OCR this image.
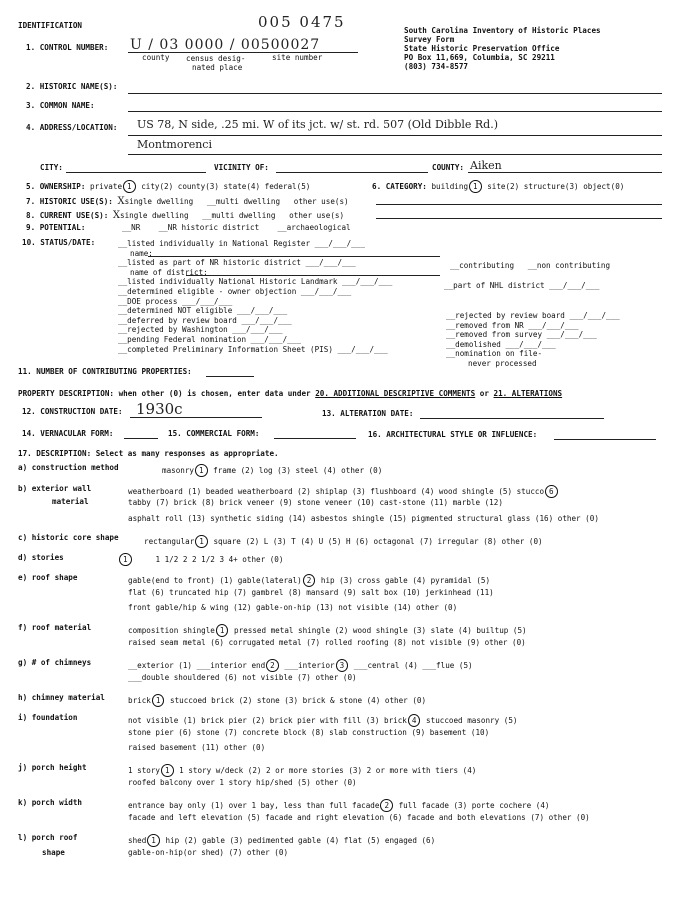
IDENTIFICATION	005 0475	South Carolina Inventory of Historic Places
Survey Form
State Historic Preservation Office
PO Box 11,669, Columbia, SC 29211
(803) 734-8577
1. CONTROL NUMBER: U / 03 0000 / 00500027
county census desig-
nated place
site number
2. HISTORIC NAME(S):
3. COMMON NAME:
4. ADDRESS/LOCATION: US 78, N side, .25 mi. W of its jct. w/ st. rd. 507 (Old Dibble Rd.)
Montmorenci
CITY:	VICINITY OF:	COUNTY: Aiken
5. OWNERSHIP: private 1 city(2) county(3) state(4) federal(5)	6. CATEGORY: building 1 site(2) structure(3) object(0)
7. HISTORIC USE(S): Xsingle dwelling   __multi dwelling other use(s)
8. CURRENT USE(S): Xsingle dwelling   __multi dwelling other use(s)
9. POTENTIAL:        __NR    __NR historic district    __archaeological
10. STATUS/DATE:	__listed individually in National Register ___/___/___
name:
__listed as part of NR historic district ___/___/___
name of district:
__listed individually National Historic Landmark ___/___/___
__determined eligible - owner objection ___/___/___
__DOE process ___/___/___
__determined NOT eligible ___/___/___
__deferred by review board ___/___/___
__rejected by Washington ___/___/___
__pending Federal nomination ___/___/___
__completed Preliminary Information Sheet (PIS) ___/___/___
__contributing   __non contributing
__part of NHL district ___/___/___
__rejected by review board ___/___/___
__removed from NR ___/___/___
__removed from survey ___/___/___
__demolished ___/___/___
__nomination on file-
never processed
11. NUMBER OF CONTRIBUTING PROPERTIES:
PROPERTY DESCRIPTION: when other (0) is chosen, enter data under 20. ADDITIONAL DESCRIPTIVE COMMENTS or 21. ALTERATIONS
12. CONSTRUCTION DATE: 1930c	13. ALTERATION DATE:
14. VERNACULAR FORM:	15. COMMERCIAL FORM:	16. ARCHITECTURAL STYLE OR INFLUENCE:
17. DESCRIPTION: Select as many responses as appropriate.
a) construction method	masonry 1 frame (2) log (3) steel (4) other (0)
b) exterior wall
material
weatherboard (1) beaded weatherboard (2) shiplap (3) flushboard (4) wood shingle (5) stucco 6
tabby (7) brick (8) brick veneer (9) stone veneer (10) cast-stone (11) marble (12)
asphalt roll (13) synthetic siding (14) asbestos shingle (15) pigmented structural glass (16) other (0)
c) historic core shape	rectangular 1 square (2) L (3) T (4) U (5) H (6) octagonal (7) irregular (8) other (0)
d) stories	1	1 1/2 2 2 1/2 3 4+ other (0)
e) roof shape	gable(end to front) (1) gable(lateral) 2 hip (3) cross gable (4) pyramidal (5)
flat (6) truncated hip (7) gambrel (8) mansard (9) salt box (10) jerkinhead (11)
front gable/hip & wing (12) gable-on-hip (13) not visible (14) other (0)
f) roof material	composition shingle 1 pressed metal shingle (2) wood shingle (3) slate (4) builtup (5)
raised seam metal (6) corrugated metal (7) rolled roofing (8) not visible (9) other (0)
g) # of chimneys	__exterior (1) ___interior end 2 ___interior 3 ___central (4) ___flue (5)
___double shouldered (6) not visible (7) other (0)
h) chimney material	brick 1 stuccoed brick (2) stone (3) brick & stone (4) other (0)
i) foundation	not visible (1) brick pier (2) brick pier with fill (3) brick 4 stuccoed masonry (5)
stone pier (6) stone (7) concrete block (8) slab construction (9) basement (10)
raised basement (11) other (0)
j) porch height	1 story 1 1 story w/deck (2) 2 or more stories (3) 2 or more with tiers (4)
roofed balcony over 1 story hip/shed (5) other (0)
k) porch width	entrance bay only (1) over 1 bay, less than full facade 2 full facade (3) porte cochere (4)
facade and left elevation (5) facade and right elevation (6) facade and both elevations (7) other (0)
l) porch roof
shape
shed 1 hip (2) gable (3) pedimented gable (4) flat (5) engaged (6)
gable-on-hip(or shed) (7) other (0)
